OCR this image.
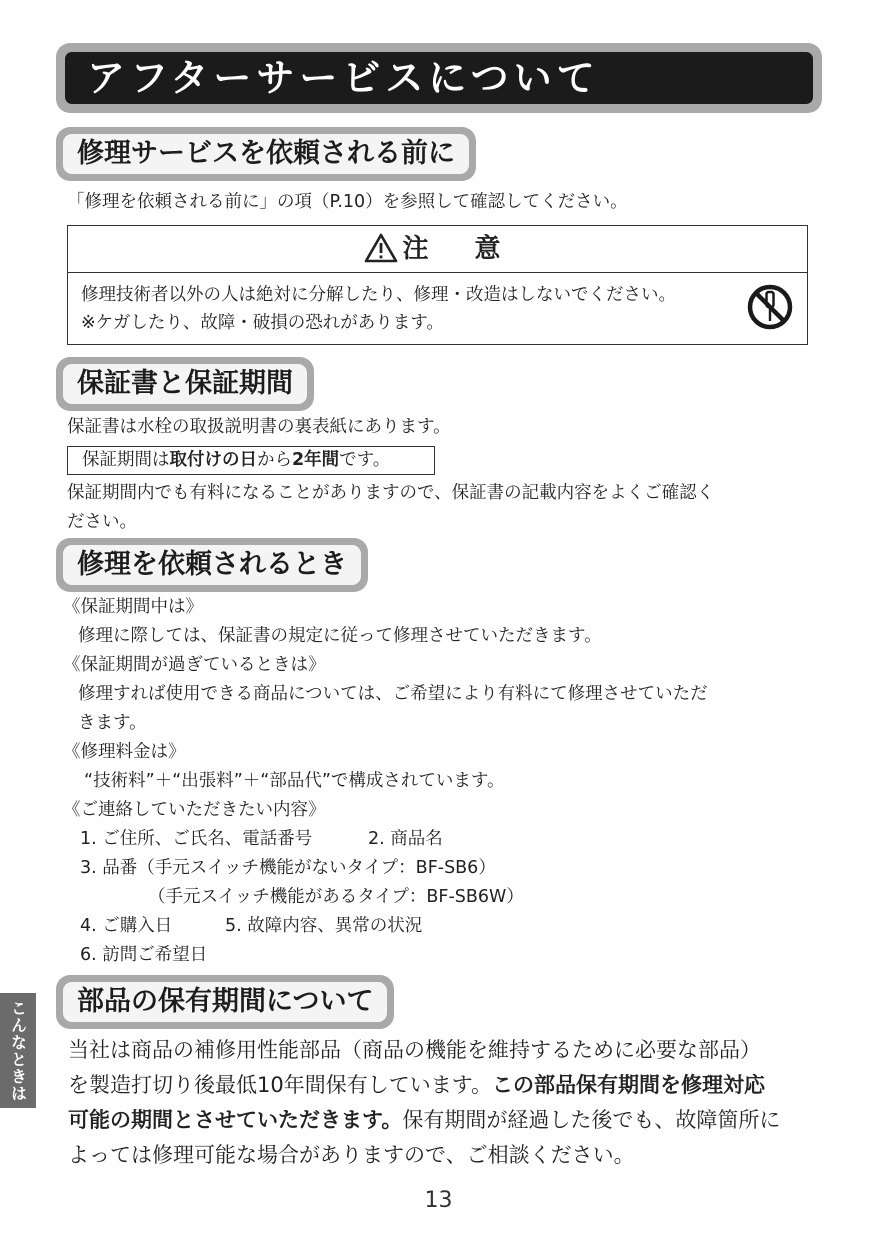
アフターサービスについて
修理サービスを依頼される前に
「修理を依頼される前に」の項（P.10）を参照して確認してください。
注　意
修理技術者以外の人は絶対に分解したり、修理・改造はしないでください。
※ケガしたり、故障・破損の恐れがあります。
保証書と保証期間
保証書は水栓の取扱説明書の裏表紙にあります。
保証期間は取付けの日から2年間です。
保証期間内でも有料になることがありますので、保証書の記載内容をよくご確認く
ださい。
修理を依頼されるとき
《保証期間中は》
修理に際しては、保証書の規定に従って修理させていただきます。
《保証期間が過ぎているときは》
修理すれば使用できる商品については、ご希望により有料にて修理させていただ
きます。
《修理料金は》
“技術料”＋“出張料”＋“部品代”で構成されています。
《ご連絡していただきたい内容》
1. ご住所、ご氏名、電話番号	2. 商品名
3. 品番（手元スイッチ機能がないタイプ：BF-SB6）
（手元スイッチ機能があるタイプ：BF-SB6W）
4. ご購入日	5. 故障内容、異常の状況
6. 訪問ご希望日
部品の保有期間について
当社は商品の補修用性能部品（商品の機能を維持するために必要な部品）
を製造打切り後最低10年間保有しています。この部品保有期間を修理対応
可能の期間とさせていただきます。保有期間が経過した後でも、故障箇所に
よっては修理可能な場合がありますので、ご相談ください。
こんなときは
13
